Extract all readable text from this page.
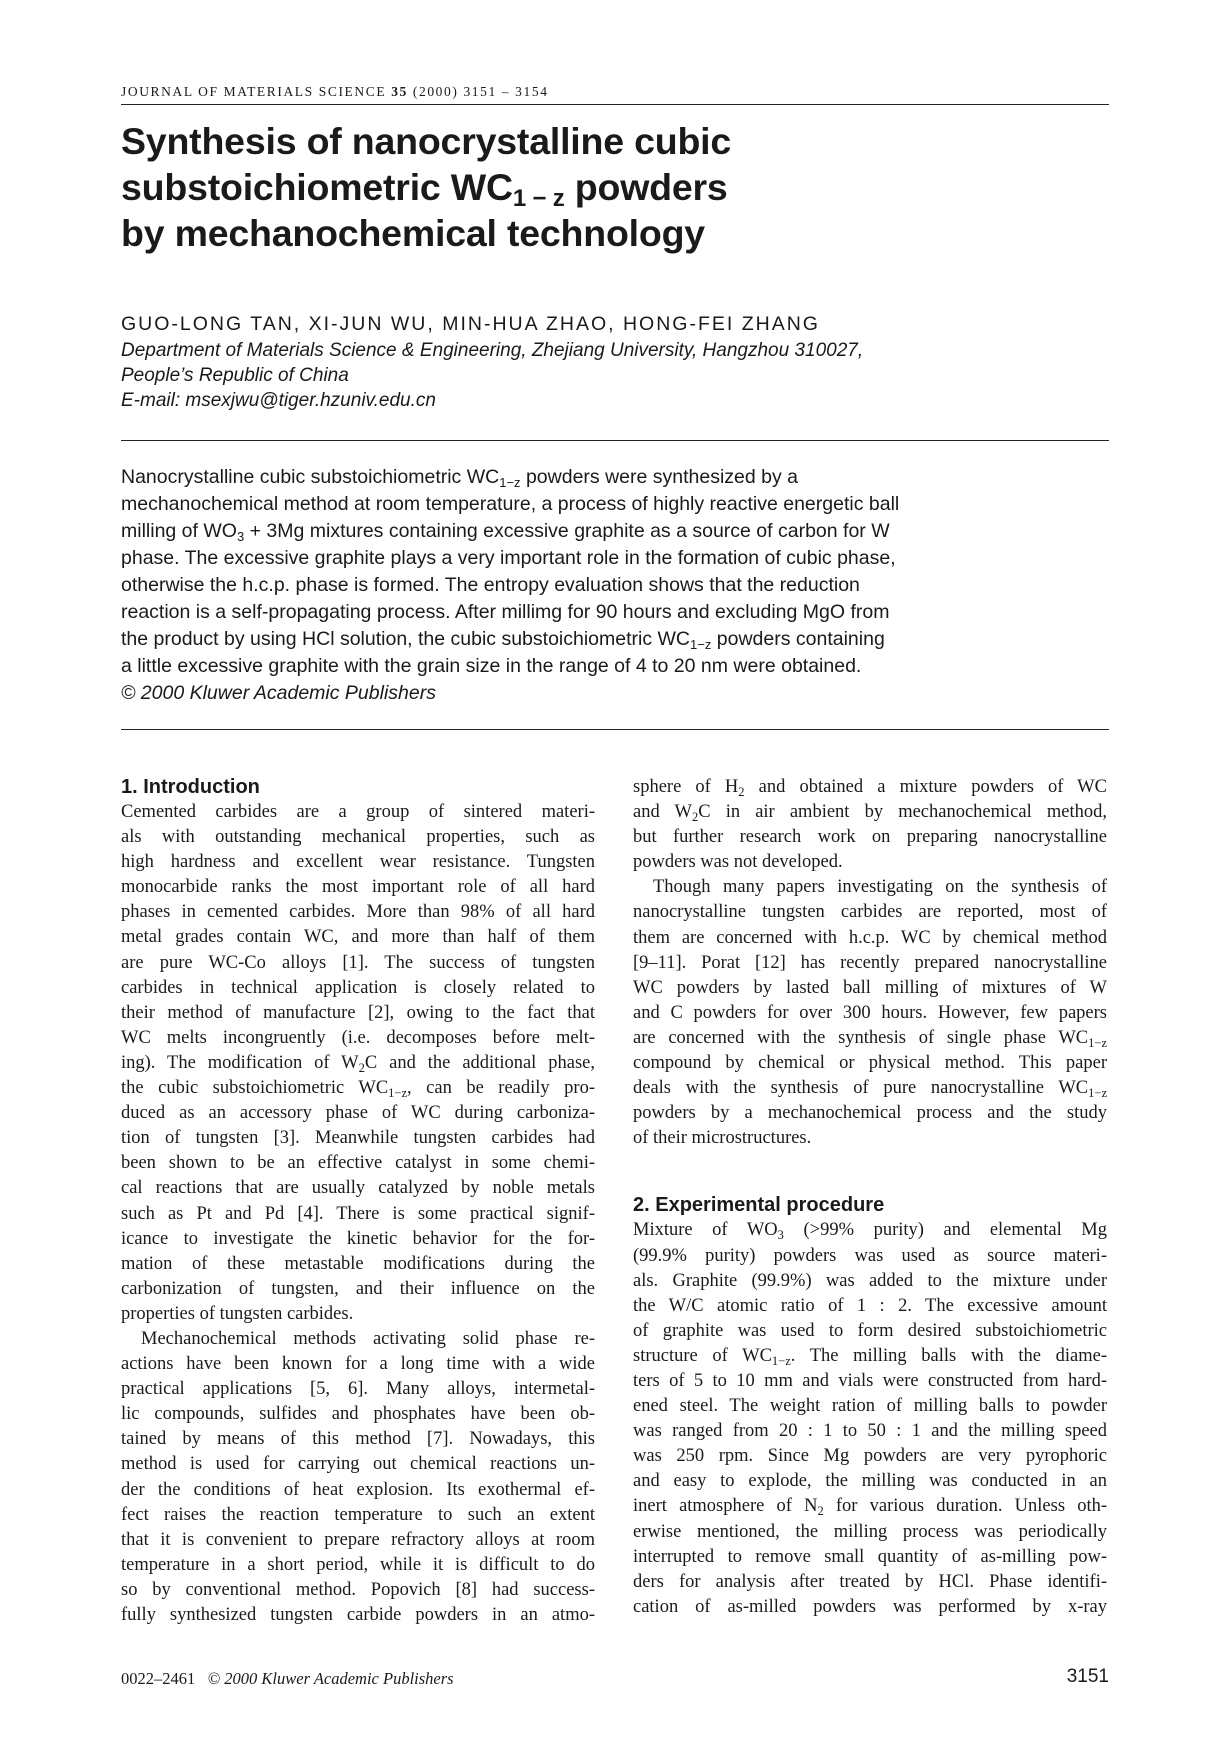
JOURNAL OF MATERIALS SCIENCE 35 (2000) 3151 – 3154
Synthesis of nanocrystalline cubic
substoichiometric $WC_{1 - z}$ powders
by mechanochemical technology
GUO-LONG TAN, XI-JUN WU, MIN-HUA ZHAO, HONG-FEI ZHANG
Department of Materials Science & Engineering, Zhejiang University, Hangzhou 310027,
People’s Republic of China
E-mail: msexjwu@tiger.hzuniv.edu.cn
Nanocrystalline cubic substoichiometric $WC_{1-z}$ powders were synthesized by a
mechanochemical method at room temperature, a process of highly reactive energetic ball
milling of $WO_3 + 3Mg$ mixtures containing excessive graphite as a source of carbon for W
phase. The excessive graphite plays a very important role in the formation of cubic phase,
otherwise the h.c.p. phase is formed. The entropy evaluation shows that the reduction
reaction is a self-propagating process. After millimg for 90 hours and excluding MgO from
the product by using HCl solution, the cubic substoichiometric $WC_{1-z}$ powders containing
a little excessive graphite with the grain size in the range of 4 to 20 nm were obtained.
© 2000 Kluwer Academic Publishers
1. Introduction
Cemented carbides are a group of sintered materi-
als with outstanding mechanical properties, such as
high hardness and excellent wear resistance. Tungsten
monocarbide ranks the most important role of all hard
phases in cemented carbides. More than 98% of all hard
metal grades contain WC, and more than half of them
are pure WC-Co alloys [1]. The success of tungsten
carbides in technical application is closely related to
their method of manufacture [2], owing to the fact that
WC melts incongruently (i.e. decomposes before melt-
ing). The modification of $W_2C$ and the additional phase,
the cubic substoichiometric $WC_{1-z}$, can be readily pro-
duced as an accessory phase of WC during carboniza-
tion of tungsten [3]. Meanwhile tungsten carbides had
been shown to be an effective catalyst in some chemi-
cal reactions that are usually catalyzed by noble metals
such as Pt and Pd [4]. There is some practical signif-
icance to investigate the kinetic behavior for the for-
mation of these metastable modifications during the
carbonization of tungsten, and their influence on the
properties of tungsten carbides.
Mechanochemical methods activating solid phase re-
actions have been known for a long time with a wide
practical applications [5, 6]. Many alloys, intermetal-
lic compounds, sulfides and phosphates have been ob-
tained by means of this method [7]. Nowadays, this
method is used for carrying out chemical reactions un-
der the conditions of heat explosion. Its exothermal ef-
fect raises the reaction temperature to such an extent
that it is convenient to prepare refractory alloys at room
temperature in a short period, while it is difficult to do
so by conventional method. Popovich [8] had success-
fully synthesized tungsten carbide powders in an atmo-
sphere of $H_2$ and obtained a mixture powders of WC
and $W_2C$ in air ambient by mechanochemical method,
but further research work on preparing nanocrystalline
powders was not developed.
Though many papers investigating on the synthesis of
nanocrystalline tungsten carbides are reported, most of
them are concerned with h.c.p. WC by chemical method
[9–11]. Porat [12] has recently prepared nanocrystalline
WC powders by lasted ball milling of mixtures of W
and C powders for over 300 hours. However, few papers
are concerned with the synthesis of single phase $WC_{1-z}$
compound by chemical or physical method. This paper
deals with the synthesis of pure nanocrystalline $WC_{1-z}$
powders by a mechanochemical process and the study
of their microstructures.
2. Experimental procedure
Mixture of $WO_3$ (>99% purity) and elemental Mg
(99.9% purity) powders was used as source materi-
als. Graphite (99.9%) was added to the mixture under
the W/C atomic ratio of 1 : 2. The excessive amount
of graphite was used to form desired substoichiometric
structure of $WC_{1-z}$. The milling balls with the diame-
ters of 5 to 10 mm and vials were constructed from hard-
ened steel. The weight ration of milling balls to powder
was ranged from 20 : 1 to 50 : 1 and the milling speed
was 250 rpm. Since Mg powders are very pyrophoric
and easy to explode, the milling was conducted in an
inert atmosphere of $N_2$ for various duration. Unless oth-
erwise mentioned, the milling process was periodically
interrupted to remove small quantity of as-milling pow-
ders for analysis after treated by HCl. Phase identifi-
cation of as-milled powders was performed by x-ray
0022–2461 © 2000 Kluwer Academic Publishers	3151
